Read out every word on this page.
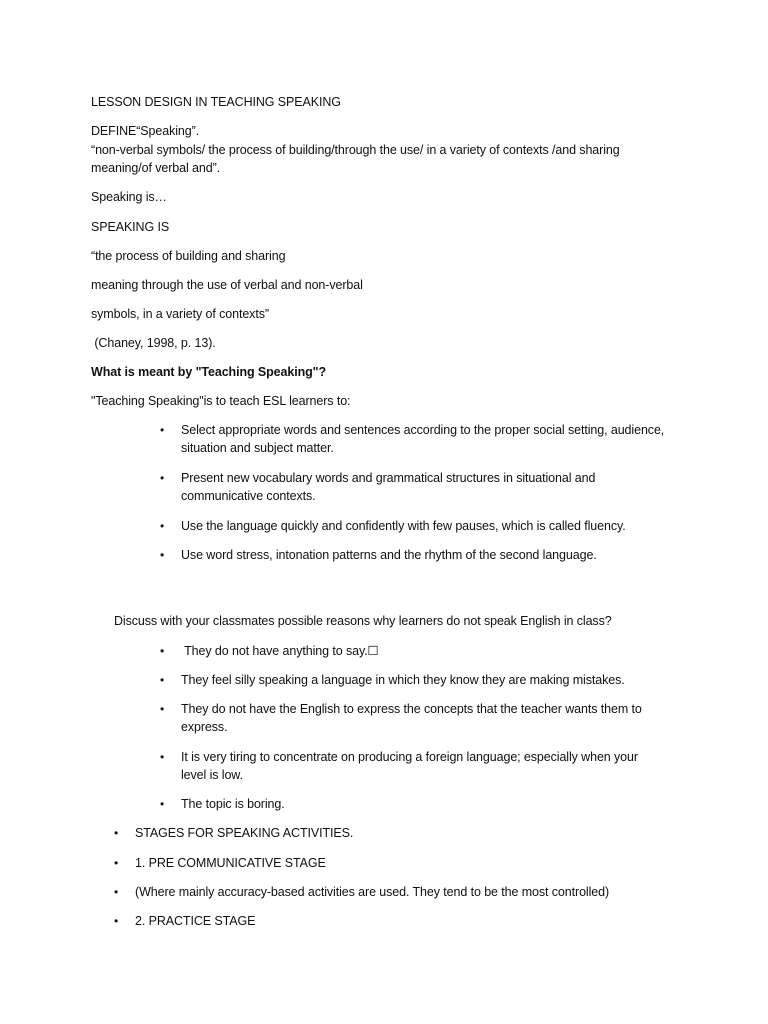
LESSON DESIGN IN TEACHING SPEAKING

DEFINE“Speaking”.

“non-verbal symbols/ the process of building/through the use/ in a variety of contexts /and sharing meaning/of verbal and”.

Speaking is…

SPEAKING IS

“the process of building and sharing

meaning through the use of verbal and non-verbal

symbols, in a variety of contexts”

(Chaney, 1998, p. 13).

What is meant by "Teaching Speaking"?

"Teaching Speaking"is to teach ESL learners to:

• Select appropriate words and sentences according to the proper social setting, audience, situation and subject matter.
• Present new vocabulary words and grammatical structures in situational and communicative contexts.
• Use the language quickly and confidently with few pauses, which is called fluency.
• Use word stress, intonation patterns and the rhythm of the second language.

Discuss with your classmates possible reasons why learners do not speak English in class?

• They do not have anything to say.☐
• They feel silly speaking a language in which they know they are making mistakes.
• They do not have the English to express the concepts that the teacher wants them to express.
• It is very tiring to concentrate on producing a foreign language; especially when your level is low.
• The topic is boring.
• STAGES FOR SPEAKING ACTIVITIES.
• 1. PRE COMMUNICATIVE STAGE
• (Where mainly accuracy-based activities are used. They tend to be the most controlled)
• 2. PRACTICE STAGE
